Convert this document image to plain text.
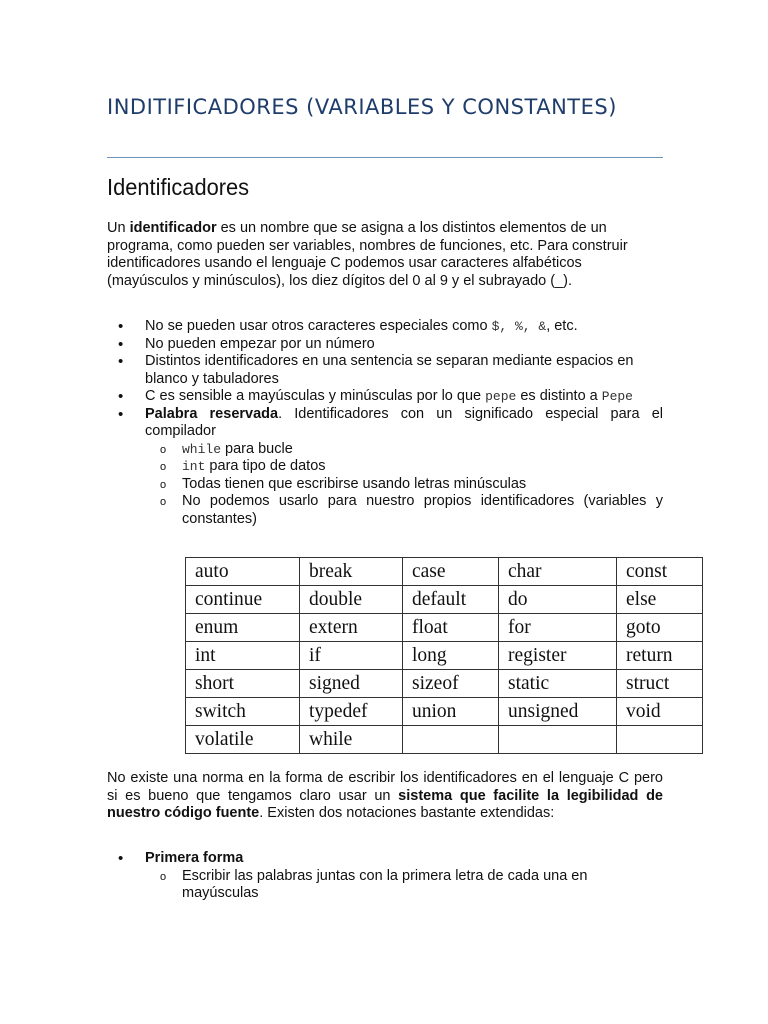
INDITIFICADORES (VARIABLES Y CONSTANTES)
Identificadores

Un identificador es un nombre que se asigna a los distintos elementos de un programa, como pueden ser variables, nombres de funciones, etc. Para construir identificadores usando el lenguaje C podemos usar caracteres alfabéticos (mayúsculos y minúsculos), los diez dígitos del 0 al 9 y el subrayado (_).

• No se pueden usar otros caracteres especiales como $, %, &, etc.
• No pueden empezar por un número
• Distintos identificadores en una sentencia se separan mediante espacios en blanco y tabuladores
• C es sensible a mayúsculas y minúsculas por lo que pepe es distinto a Pepe
• Palabra reservada. Identificadores con un significado especial para el compilador
o while para bucle
o int para tipo de datos
o Todas tienen que escribirse usando letras minúsculas
o No podemos usarlo para nuestro propios identificadores (variables y constantes)
auto	break	case	char	const
continue	double	default	do	else
enum	extern	float	for	goto
int	if	long	register	return
short	signed	sizeof	static	struct
switch	typedef	union	unsigned	void
volatile	while			

No existe una norma en la forma de escribir los identificadores en el lenguaje C pero si es bueno que tengamos claro usar un sistema que facilite la legibilidad de nuestro código fuente. Existen dos notaciones bastante extendidas:

• Primera forma
o Escribir las palabras juntas con la primera letra de cada una en mayúsculas
